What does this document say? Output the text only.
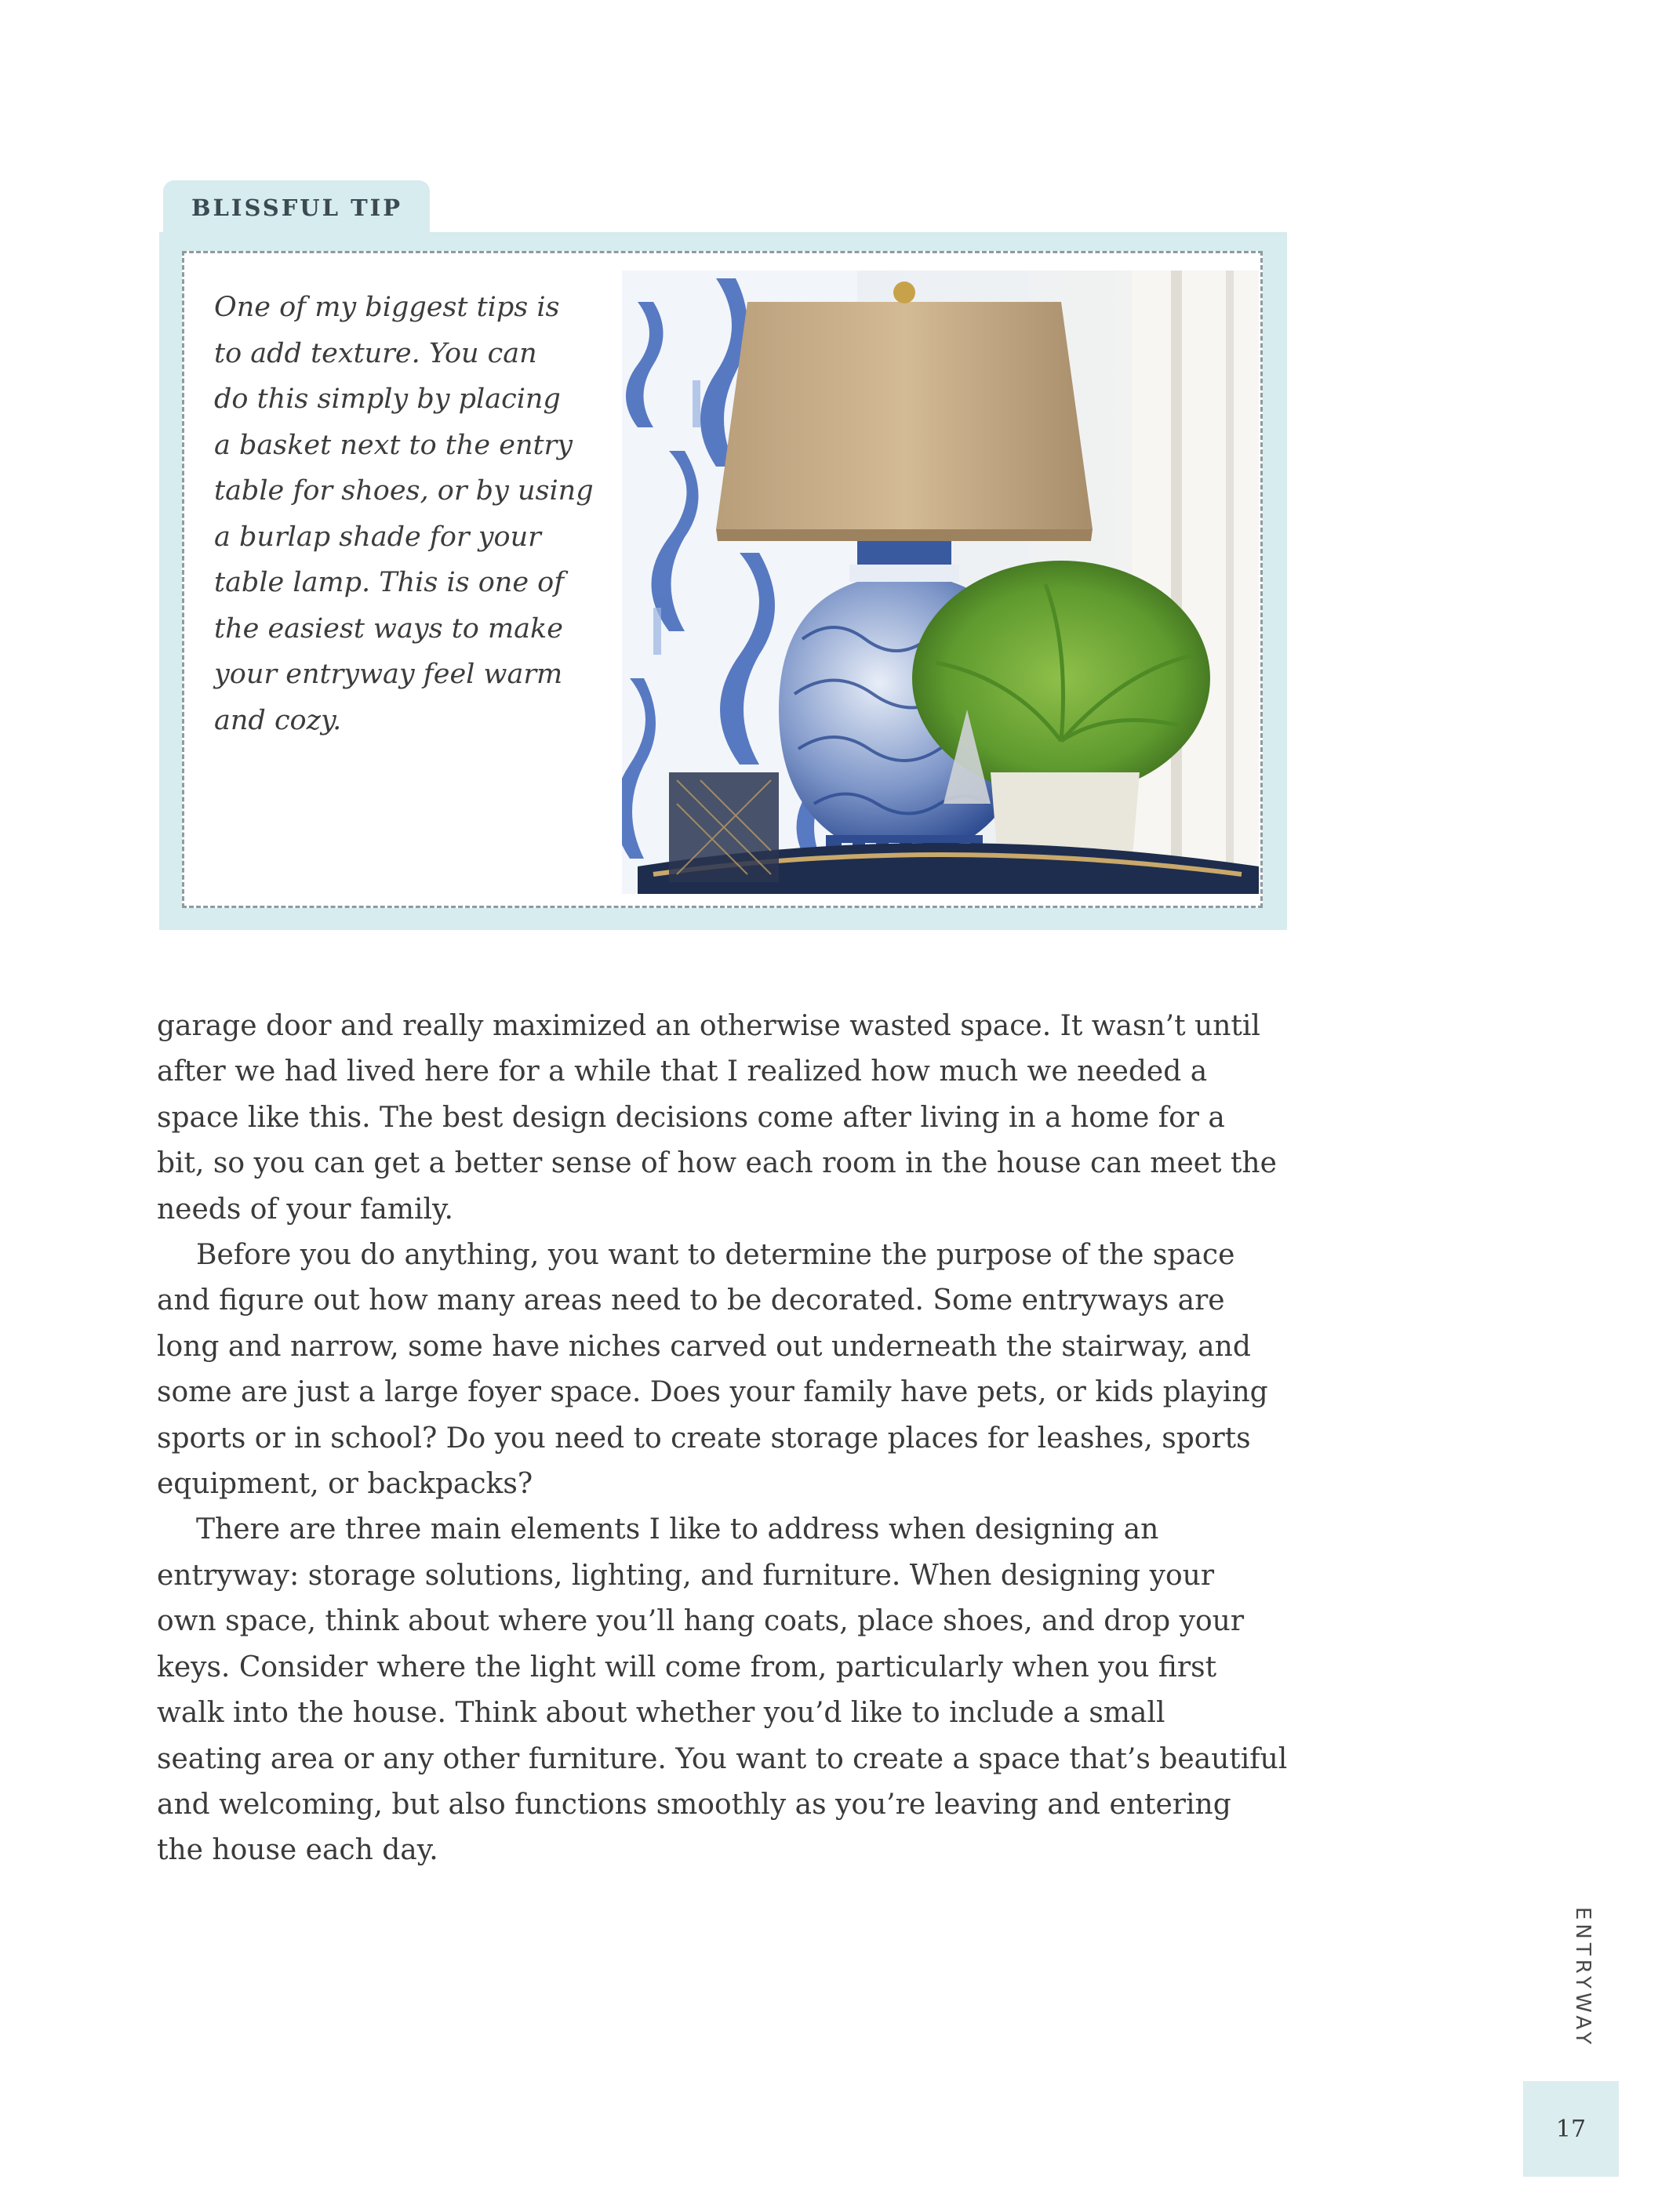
BLISSFUL TIP
One of my biggest tips is
to add texture. You can
do this simply by placing
a basket next to the entry
table for shoes, or by using
a burlap shade for your
table lamp. This is one of
the easiest ways to make
your entryway feel warm
and cozy.
garage door and really maximized an otherwise wasted space. It wasn’t until
after we had lived here for a while that I realized how much we needed a
space like this. The best design decisions come after living in a home for a
bit, so you can get a better sense of how each room in the house can meet the
needs of your family.
Before you do anything, you want to determine the purpose of the space
and figure out how many areas need to be decorated. Some entryways are
long and narrow, some have niches carved out underneath the stairway, and
some are just a large foyer space. Does your family have pets, or kids playing
sports or in school? Do you need to create storage places for leashes, sports
equipment, or backpacks?
There are three main elements I like to address when designing an
entryway: storage solutions, lighting, and furniture. When designing your
own space, think about where you’ll hang coats, place shoes, and drop your
keys. Consider where the light will come from, particularly when you first
walk into the house. Think about whether you’d like to include a small
seating area or any other furniture. You want to create a space that’s beautiful
and welcoming, but also functions smoothly as you’re leaving and entering
the house each day.
ENTRYWAY
17
